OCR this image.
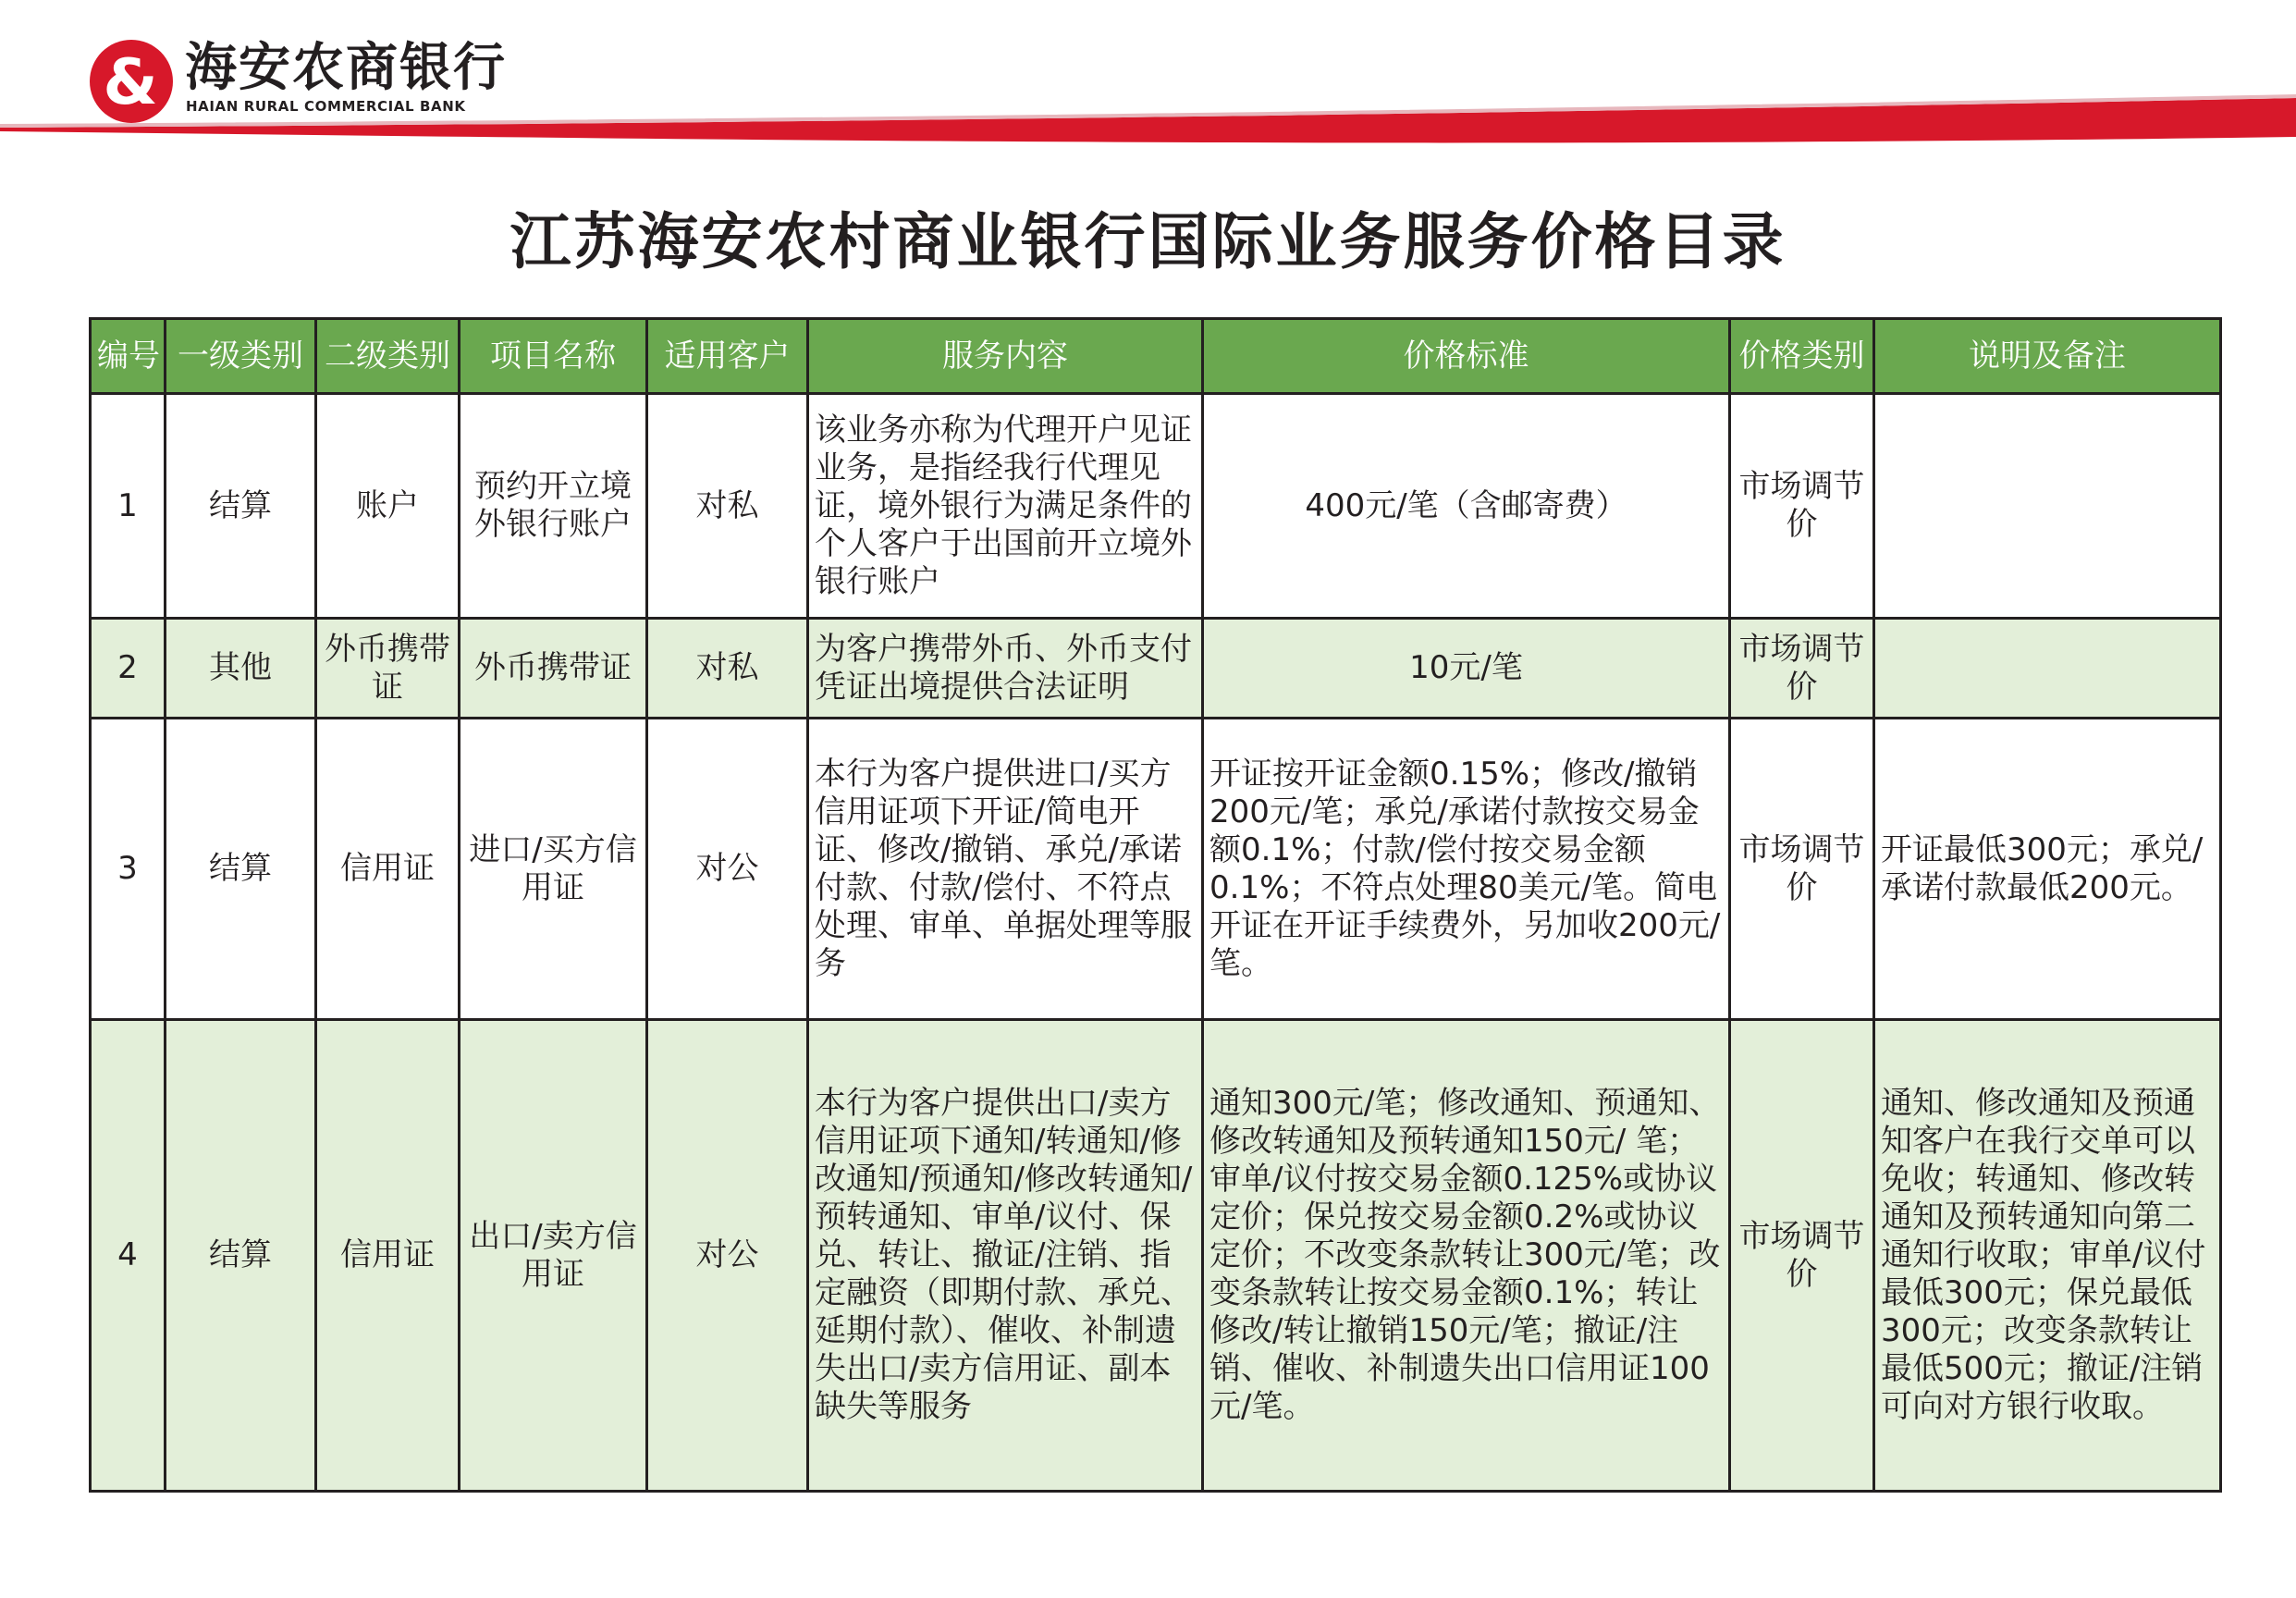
& 海安农商银行
HAIAN RURAL COMMERCIAL BANK
江苏海安农村商业银行国际业务服务价格目录
编号	一级类别	二级类别	项目名称	适用客户	服务内容	价格标准	价格类别	说明及备注
1	结算	账户	预约开立境外银行账户	对私	该业务亦称为代理开户见证业务，是指经我行代理见证，境外银行为满足条件的个人客户于出国前开立境外银行账户	400元/笔（含邮寄费）	市场调节价	
2	其他	外币携带证	外币携带证	对私	为客户携带外币、外币支付凭证出境提供合法证明	10元/笔	市场调节价	
3	结算	信用证	进口/买方信用证	对公	本行为客户提供进口/买方信用证项下开证/简电开证、修改/撤销、承兑/承诺付款、付款/偿付、不符点处理、审单、单据处理等服务	开证按开证金额0.15%；修改/撤销200元/笔；承兑/承诺付款按交易金额0.1%；付款/偿付按交易金额0.1%；不符点处理80美元/笔。简电开证在开证手续费外，另加收200元/笔。	市场调节价	开证最低300元；承兑/承诺付款最低200元。
4	结算	信用证	出口/卖方信用证	对公	本行为客户提供出口/卖方信用证项下通知/转通知/修改通知/预通知/修改转通知/预转通知、审单/议付、保兑、转让、撤证/注销、指定融资（即期付款、承兑、延期付款）、催收、补制遗失出口/卖方信用证、副本缺失等服务	通知300元/笔；修改通知、预通知、修改转通知及预转通知150元/ 笔；审单/议付按交易金额0.125%或协议定价；保兑按交易金额0.2%或协议定价；不改变条款转让300元/笔；改变条款转让按交易金额0.1%；转让修改/转让撤销150元/笔；撤证/注销、催收、补制遗失出口信用证100元/笔。	市场调节价	通知、修改通知及预通知客户在我行交单可以免收；转通知、修改转通知及预转通知向第二通知行收取；审单/议付最低300元；保兑最低300元；改变条款转让最低500元；撤证/注销可向对方银行收取。
